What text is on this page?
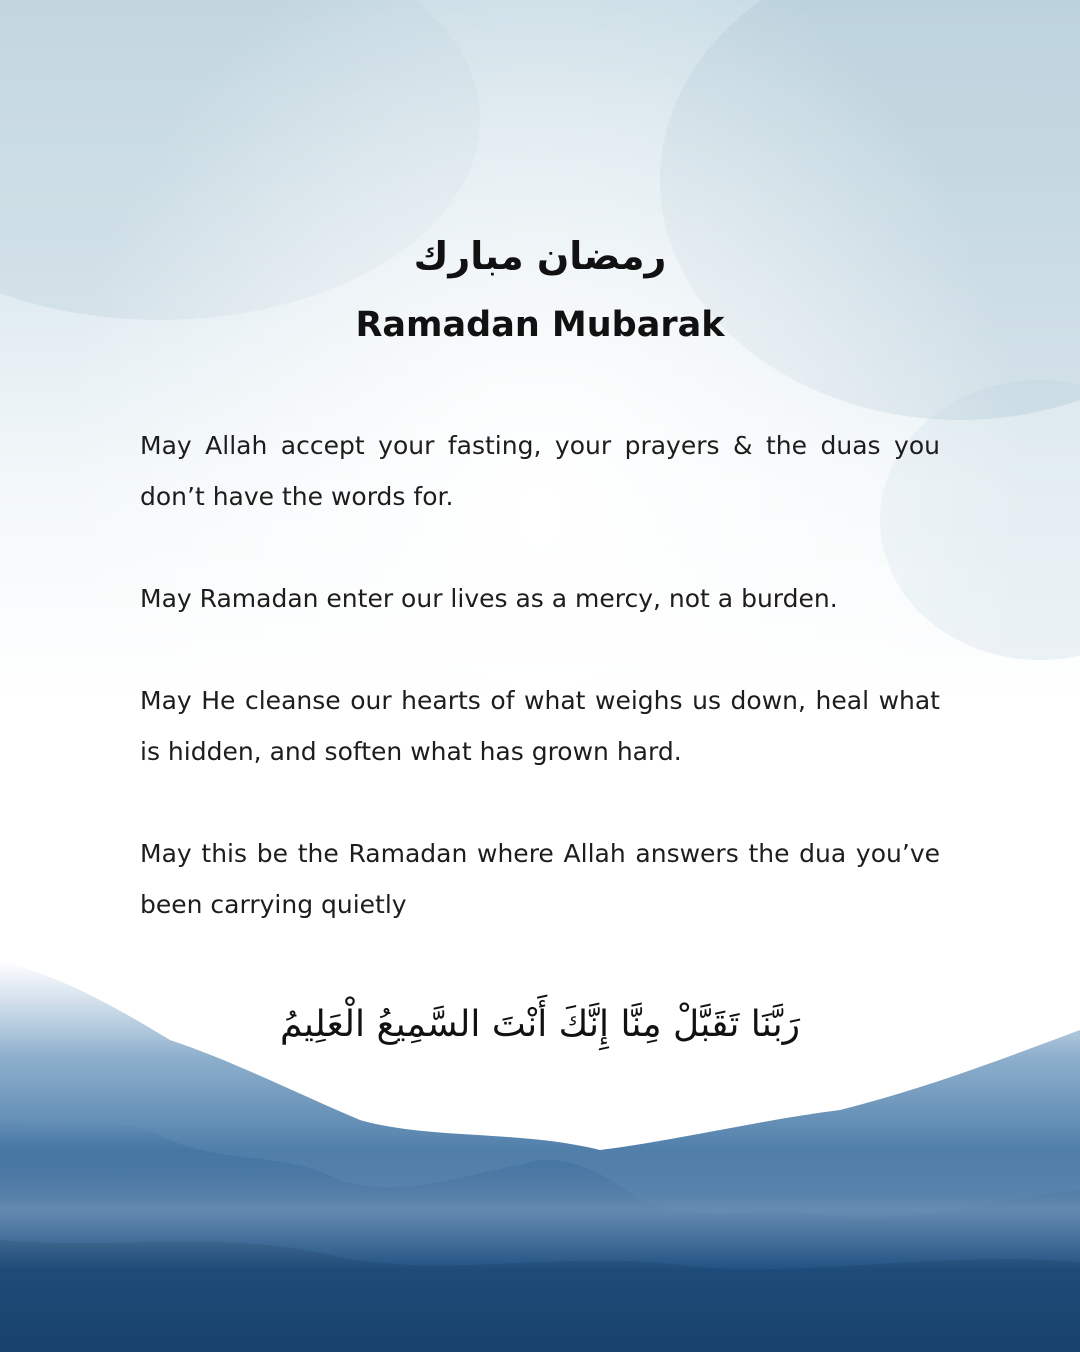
رمضان مبارك
Ramadan Mubarak

May Allah accept your fasting, your prayers & the duas you don’t have the words for.

May Ramadan enter our lives as a mercy, not a burden.

May He cleanse our hearts of what weighs us down, heal what is hidden, and soften what has grown hard.

May this be the Ramadan where Allah answers the dua you’ve been carrying quietly

رَبَّنَا تَقَبَّلْ مِنَّا إِنَّكَ أَنْتَ السَّمِيعُ الْعَلِيمُ
@melbhalaleats
